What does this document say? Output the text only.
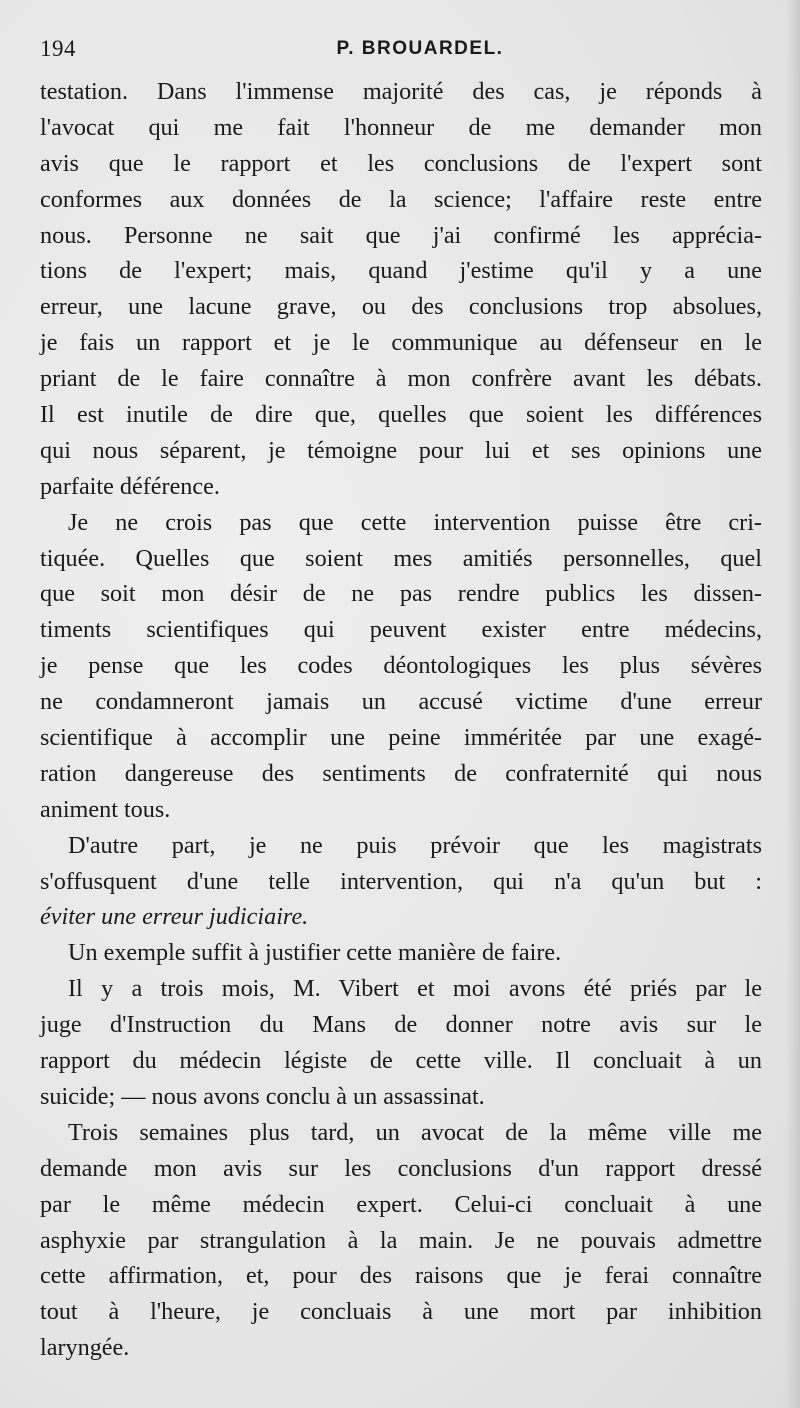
194	P. BROUARDEL.
testation. Dans l'immense majorité des cas, je réponds à
l'avocat qui me fait l'honneur de me demander mon
avis que le rapport et les conclusions de l'expert sont
conformes aux données de la science; l'affaire reste entre
nous. Personne ne sait que j'ai confirmé les apprécia-
tions de l'expert; mais, quand j'estime qu'il y a une
erreur, une lacune grave, ou des conclusions trop absolues,
je fais un rapport et je le communique au défenseur en le
priant de le faire connaître à mon confrère avant les débats.
Il est inutile de dire que, quelles que soient les différences
qui nous séparent, je témoigne pour lui et ses opinions une
parfaite déférence.
Je ne crois pas que cette intervention puisse être cri-
tiquée. Quelles que soient mes amitiés personnelles, quel
que soit mon désir de ne pas rendre publics les dissen-
timents scientifiques qui peuvent exister entre médecins,
je pense que les codes déontologiques les plus sévères
ne condamneront jamais un accusé victime d'une erreur
scientifique à accomplir une peine imméritée par une exagé-
ration dangereuse des sentiments de confraternité qui nous
animent tous.
D'autre part, je ne puis prévoir que les magistrats
s'offusquent d'une telle intervention, qui n'a qu'un but :
éviter une erreur judiciaire.
Un exemple suffit à justifier cette manière de faire.
Il y a trois mois, M. Vibert et moi avons été priés par le
juge d'Instruction du Mans de donner notre avis sur le
rapport du médecin légiste de cette ville. Il concluait à un
suicide; — nous avons conclu à un assassinat.
Trois semaines plus tard, un avocat de la même ville me
demande mon avis sur les conclusions d'un rapport dressé
par le même médecin expert. Celui-ci concluait à une
asphyxie par strangulation à la main. Je ne pouvais admettre
cette affirmation, et, pour des raisons que je ferai connaître
tout à l'heure, je concluais à une mort par inhibition
laryngée.
